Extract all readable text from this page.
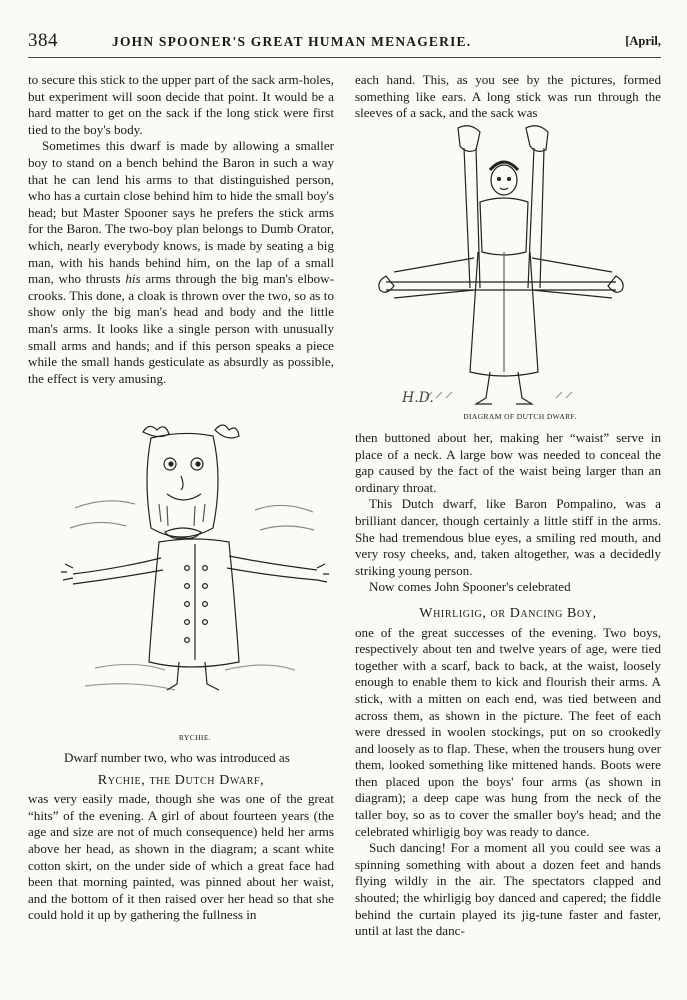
384	JOHN SPOONER'S GREAT HUMAN MENAGERIE.	[April,

to secure this stick to the upper part of the sack arm-holes, but experiment will soon decide that point. It would be a hard matter to get on the sack if the long stick were first tied to the boy's body.

Sometimes this dwarf is made by allowing a smaller boy to stand on a bench behind the Baron in such a way that he can lend his arms to that distinguished person, who has a curtain close behind him to hide the small boy's head; but Master Spooner says he prefers the stick arms for the Baron. The two-boy plan belongs to Dumb Orator, which, nearly everybody knows, is made by seating a big man, with his hands behind him, on the lap of a small man, who thrusts his arms through the big man's elbow-crooks. This done, a cloak is thrown over the two, so as to show only the big man's head and body and the little man's arms. It looks like a single person with unusually small arms and hands; and if this person speaks a piece while the small hands gesticulate as absurdly as possible, the effect is very amusing.

RYCHIE.

Dwarf number two, who was introduced as

Rychie, the Dutch Dwarf,

was very easily made, though she was one of the great “hits” of the evening. A girl of about fourteen years (the age and size are not of much consequence) held her arms above her head, as shown in the diagram; a scant white cotton skirt, on the under side of which a great face had been that morning painted, was pinned about her waist, and the bottom of it then raised over her head so that she could hold it up by gathering the fullness in

each hand. This, as you see by the pictures, formed something like ears. A long stick was run through the sleeves of a sack, and the sack was

H.D.
DIAGRAM OF DUTCH DWARF.

then buttoned about her, making her “waist” serve in place of a neck. A large bow was needed to conceal the gap caused by the fact of the waist being larger than an ordinary throat.

This Dutch dwarf, like Baron Pompalino, was a brilliant dancer, though certainly a little stiff in the arms. She had tremendous blue eyes, a smiling red mouth, and very rosy cheeks, and, taken altogether, was a decidedly striking young person.

Now comes John Spooner's celebrated

Whirligig, or Dancing Boy,

one of the great successes of the evening. Two boys, respectively about ten and twelve years of age, were tied together with a scarf, back to back, at the waist, loosely enough to enable them to kick and flourish their arms. A stick, with a mitten on each end, was tied between and across them, as shown in the picture. The feet of each were dressed in woolen stockings, put on so crookedly and loosely as to flap. These, when the trousers hung over them, looked something like mittened hands. Boots were then placed upon the boys' four arms (as shown in diagram); a deep cape was hung from the neck of the taller boy, so as to cover the smaller boy's head; and the celebrated whirligig boy was ready to dance.

Such dancing! For a moment all you could see was a spinning something with about a dozen feet and hands flying wildly in the air. The spectators clapped and shouted; the whirligig boy danced and capered; the fiddle behind the curtain played its jig-tune faster and faster, until at last the danc-
